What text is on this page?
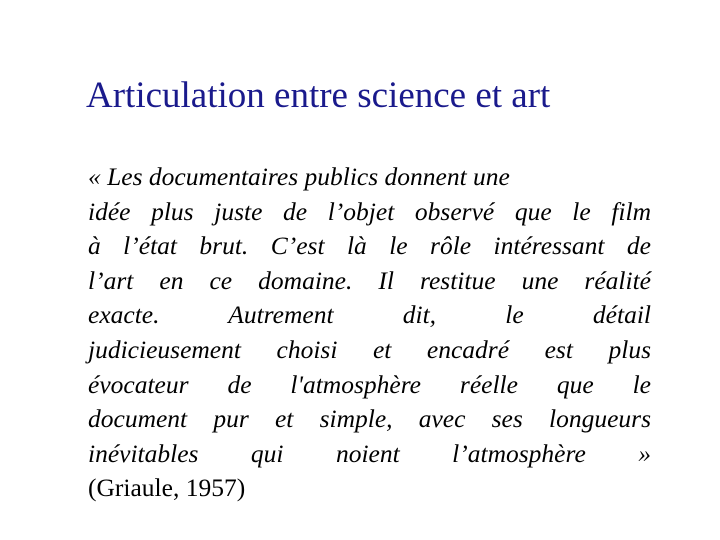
Articulation entre science et art
« Les documentaires publics donnent une
idée plus juste de l’objet observé que le film
à l’état brut. C’est là le rôle intéressant de
l’art en ce domaine. Il restitue une réalité
exacte. Autrement dit, le détail
judicieusement choisi et encadré est plus
évocateur de l'atmosphère réelle que le
document pur et simple, avec ses longueurs
inévitables qui noient l’atmosphère »
(Griaule, 1957)
